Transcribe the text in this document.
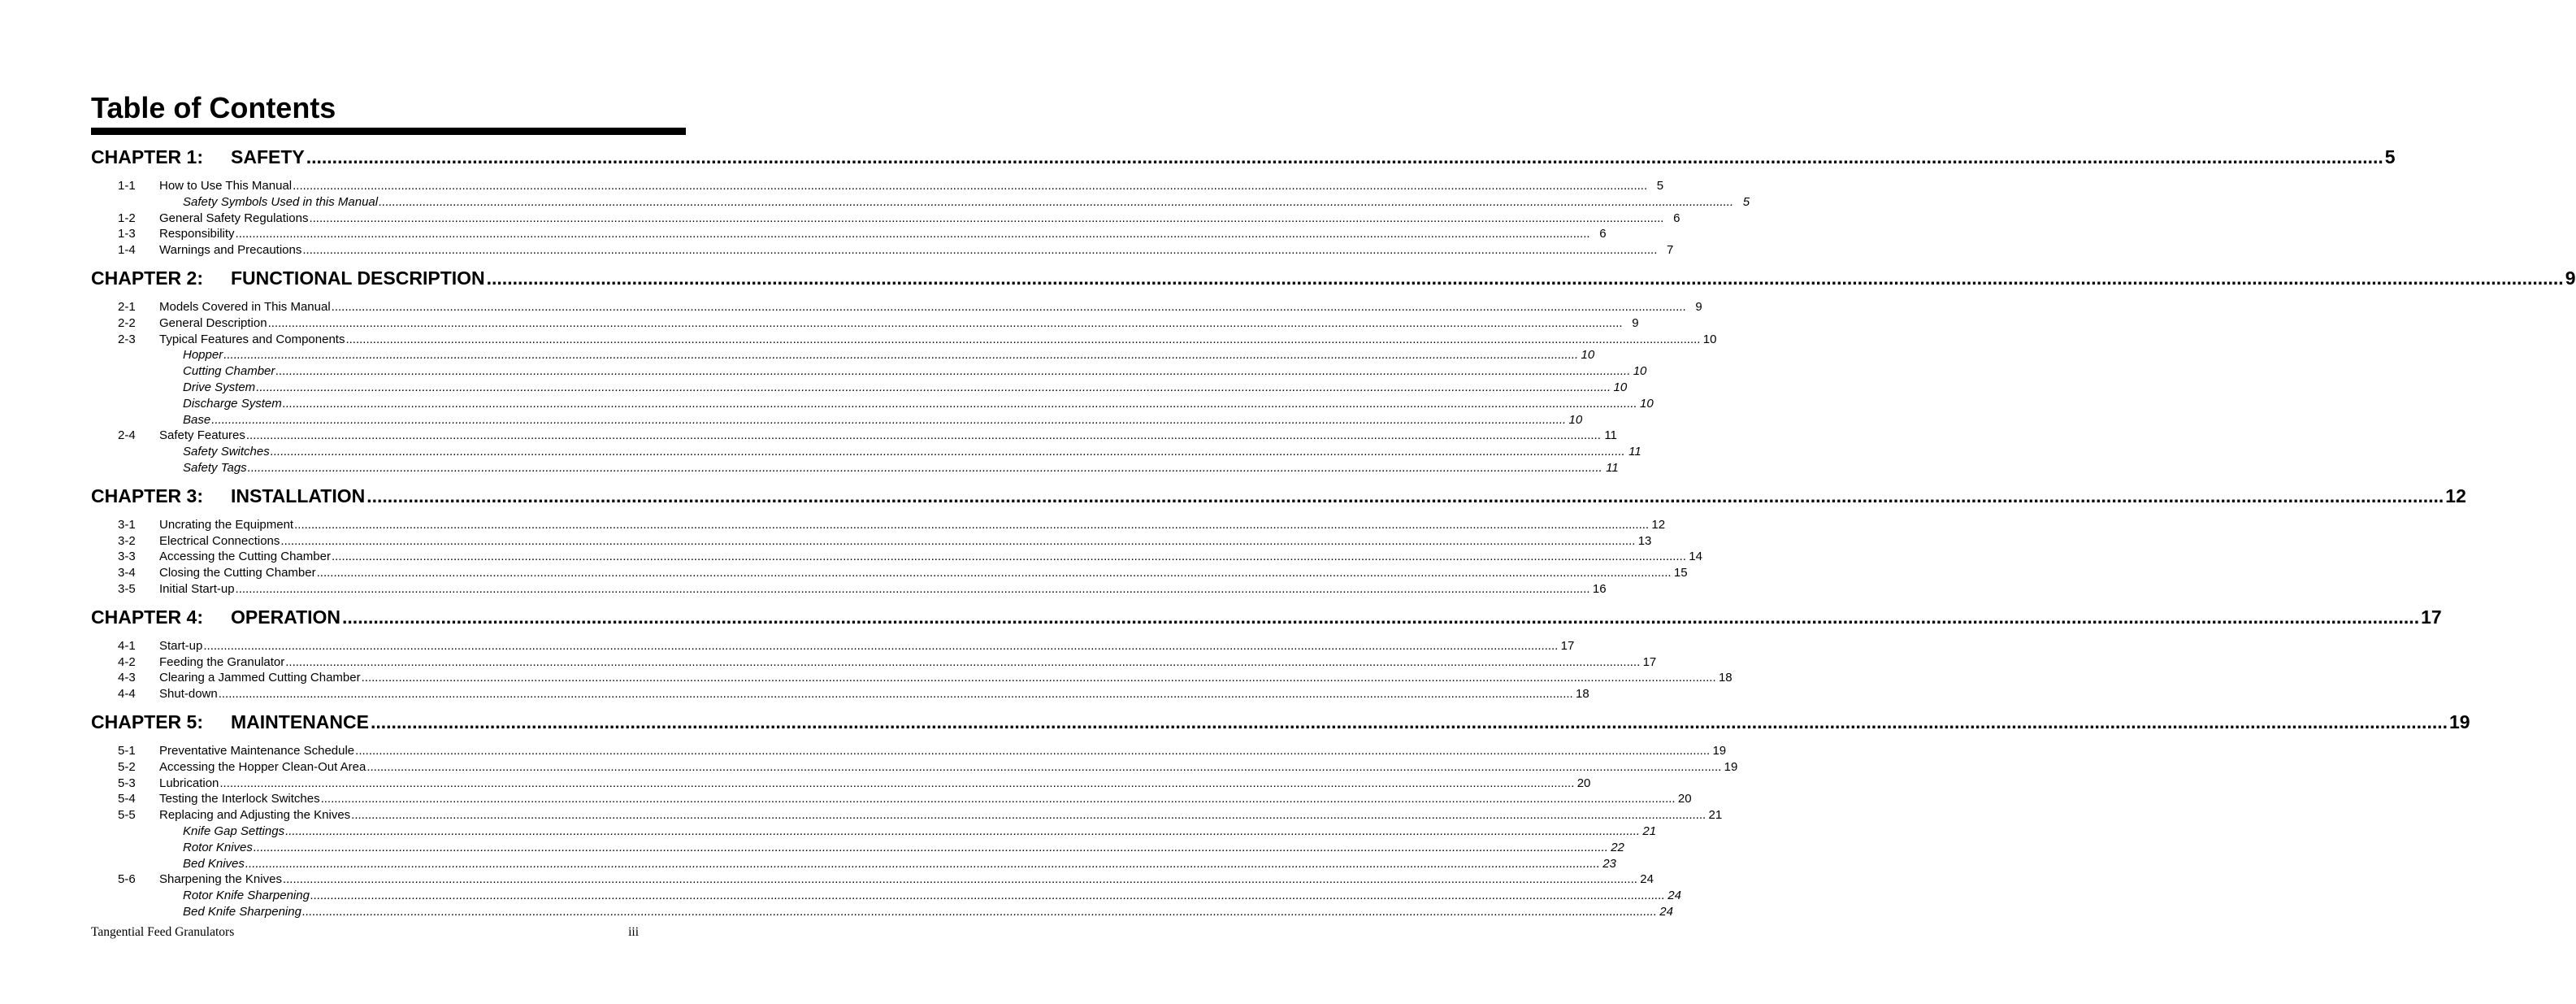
Table of Contents
CHAPTER 1:	SAFETY ................................................................................................................................................................................................................................................................................................................................................................................................................ 5
1-1	How to Use This Manual ................................................................................................................................................................................................................................................................................................................................................................................................................ 5
Safety Symbols Used in this Manual ................................................................................................................................................................................................................................................................................................................................................................................................................ 5
1-2	General Safety Regulations ................................................................................................................................................................................................................................................................................................................................................................................................................ 6
1-3	Responsibility ................................................................................................................................................................................................................................................................................................................................................................................................................ 6
1-4	Warnings and Precautions ................................................................................................................................................................................................................................................................................................................................................................................................................ 7
CHAPTER 2:	FUNCTIONAL DESCRIPTION ................................................................................................................................................................................................................................................................................................................................................................................................................ 9
2-1	Models Covered in This Manual ................................................................................................................................................................................................................................................................................................................................................................................................................ 9
2-2	General Description ................................................................................................................................................................................................................................................................................................................................................................................................................ 9
2-3	Typical Features and Components ................................................................................................................................................................................................................................................................................................................................................................................................................ 10
Hopper ................................................................................................................................................................................................................................................................................................................................................................................................................ 10
Cutting Chamber ................................................................................................................................................................................................................................................................................................................................................................................................................ 10
Drive System ................................................................................................................................................................................................................................................................................................................................................................................................................ 10
Discharge System ................................................................................................................................................................................................................................................................................................................................................................................................................ 10
Base ................................................................................................................................................................................................................................................................................................................................................................................................................ 10
2-4	Safety Features ................................................................................................................................................................................................................................................................................................................................................................................................................ 11
Safety Switches ................................................................................................................................................................................................................................................................................................................................................................................................................ 11
Safety Tags ................................................................................................................................................................................................................................................................................................................................................................................................................ 11
CHAPTER 3:	INSTALLATION ................................................................................................................................................................................................................................................................................................................................................................................................................ 12
3-1	Uncrating the Equipment ................................................................................................................................................................................................................................................................................................................................................................................................................ 12
3-2	Electrical Connections ................................................................................................................................................................................................................................................................................................................................................................................................................ 13
3-3	Accessing the Cutting Chamber ................................................................................................................................................................................................................................................................................................................................................................................................................ 14
3-4	Closing the Cutting Chamber ................................................................................................................................................................................................................................................................................................................................................................................................................ 15
3-5	Initial Start-up ................................................................................................................................................................................................................................................................................................................................................................................................................ 16
CHAPTER 4:	OPERATION ................................................................................................................................................................................................................................................................................................................................................................................................................ 17
4-1	Start-up ................................................................................................................................................................................................................................................................................................................................................................................................................ 17
4-2	Feeding the Granulator ................................................................................................................................................................................................................................................................................................................................................................................................................ 17
4-3	Clearing a Jammed Cutting Chamber ................................................................................................................................................................................................................................................................................................................................................................................................................ 18
4-4	Shut-down ................................................................................................................................................................................................................................................................................................................................................................................................................ 18
CHAPTER 5:	MAINTENANCE ................................................................................................................................................................................................................................................................................................................................................................................................................ 19
5-1	Preventative Maintenance Schedule ................................................................................................................................................................................................................................................................................................................................................................................................................ 19
5-2	Accessing the Hopper Clean-Out Area ................................................................................................................................................................................................................................................................................................................................................................................................................ 19
5-3	Lubrication ................................................................................................................................................................................................................................................................................................................................................................................................................ 20
5-4	Testing the Interlock Switches ................................................................................................................................................................................................................................................................................................................................................................................................................ 20
5-5	Replacing and Adjusting the Knives ................................................................................................................................................................................................................................................................................................................................................................................................................ 21
Knife Gap Settings ................................................................................................................................................................................................................................................................................................................................................................................................................ 21
Rotor Knives ................................................................................................................................................................................................................................................................................................................................................................................................................ 22
Bed Knives ................................................................................................................................................................................................................................................................................................................................................................................................................ 23
5-6	Sharpening the Knives ................................................................................................................................................................................................................................................................................................................................................................................................................ 24
Rotor Knife Sharpening ................................................................................................................................................................................................................................................................................................................................................................................................................ 24
Bed Knife Sharpening ................................................................................................................................................................................................................................................................................................................................................................................................................ 24
Tangential Feed Granulators	iii
